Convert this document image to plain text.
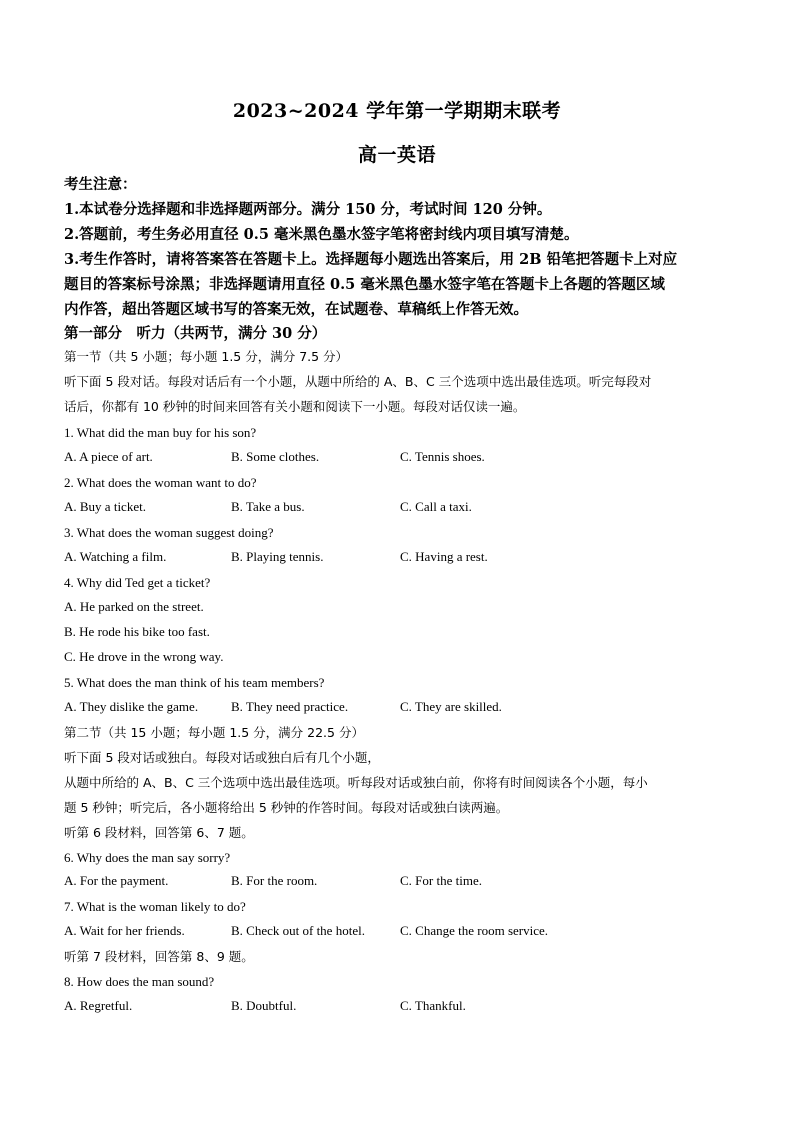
2023~2024 学年第一学期期末联考
高一英语
考生注意：
1.本试卷分选择题和非选择题两部分。满分 150 分，考试时间 120 分钟。
2.答题前，考生务必用直径 0.5 毫米黑色墨水签字笔将密封线内项目填写清楚。
3.考生作答时，请将答案答在答题卡上。选择题每小题选出答案后，用 2B 铅笔把答题卡上对应
题目的答案标号涂黑；非选择题请用直径 0.5 毫米黑色墨水签字笔在答题卡上各题的答题区域
内作答，超出答题区域书写的答案无效，在试题卷、草稿纸上作答无效。
第一部分　听力（共两节，满分 30 分）
第一节（共 5 小题；每小题 1.5 分，满分 7.5 分）
听下面 5 段对话。每段对话后有一个小题，从题中所给的 A、B、C 三个选项中选出最佳选项。听完每段对
话后，你都有 10 秒钟的时间来回答有关小题和阅读下一小题。每段对话仅读一遍。
1. What did the man buy for his son?
A. A piece of art.	B. Some clothes.	C. Tennis shoes.
2. What does the woman want to do?
A. Buy a ticket.	B. Take a bus.	C. Call a taxi.
3. What does the woman suggest doing?
A. Watching a film.	B. Playing tennis.	C. Having a rest.
4. Why did Ted get a ticket?
A. He parked on the street.
B. He rode his bike too fast.
C. He drove in the wrong way.
5. What does the man think of his team members?
A. They dislike the game.	B. They need practice.	C. They are skilled.
第二节（共 15 小题；每小题 1.5 分，满分 22.5 分）
听下面 5 段对话或独白。每段对话或独白后有几个小题，
从题中所给的 A、B、C 三个选项中选出最佳选项。听每段对话或独白前，你将有时间阅读各个小题，每小
题 5 秒钟；听完后，各小题将给出 5 秒钟的作答时间。每段对话或独白读两遍。
听第 6 段材料，回答第 6、7 题。
6. Why does the man say sorry?
A. For the payment.	B. For the room.	C. For the time.
7. What is the woman likely to do?
A. Wait for her friends.	B. Check out of the hotel.	C. Change the room service.
听第 7 段材料，回答第 8、9 题。
8. How does the man sound?
A. Regretful.	B. Doubtful.	C. Thankful.
